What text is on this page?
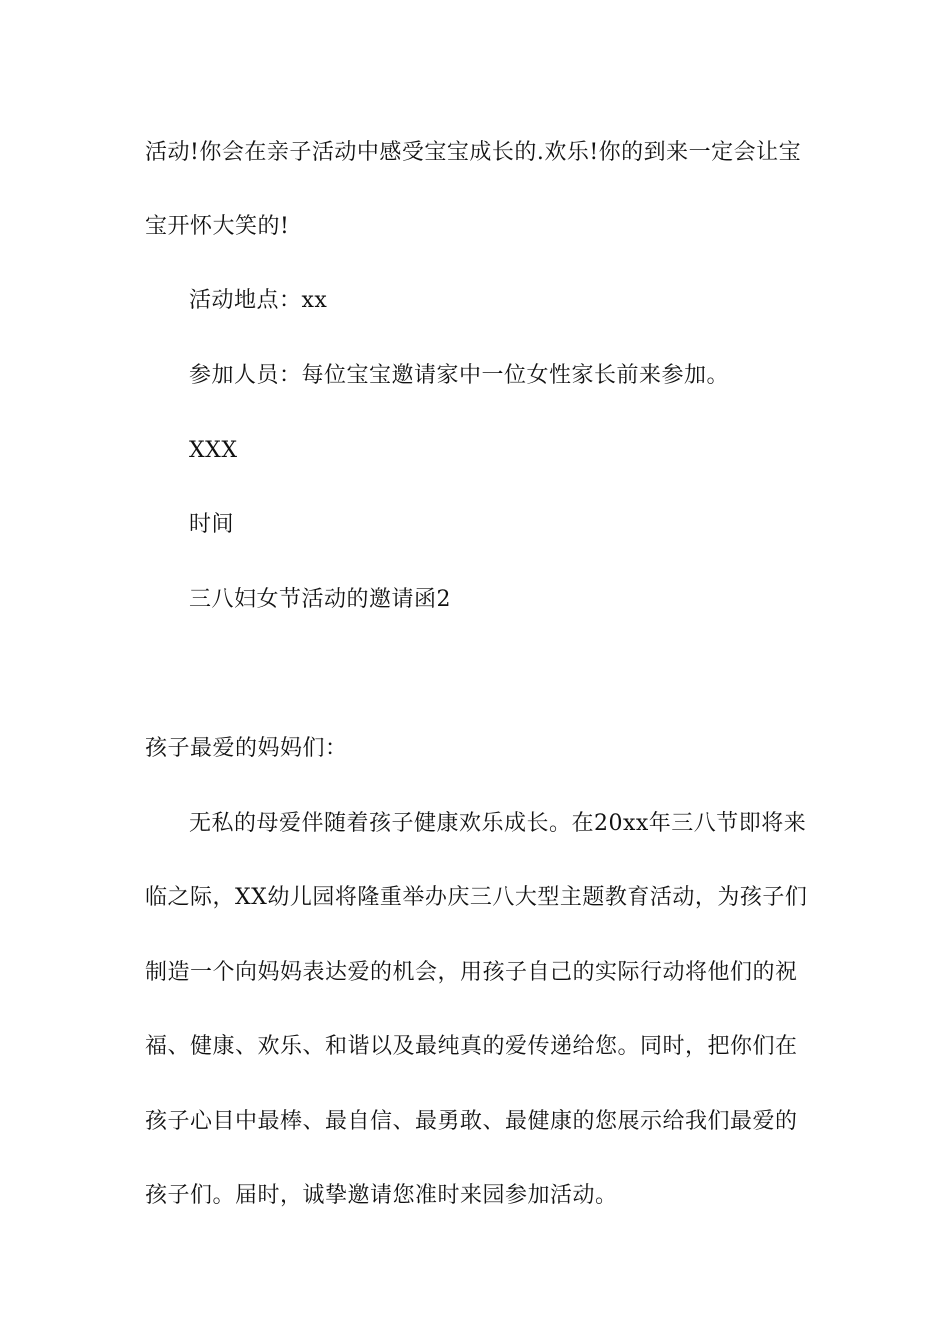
活动!你会在亲子活动中感受宝宝成长的.欢乐!你的到来一定会让宝
宝开怀大笑的!
活动地点：xx
参加人员：每位宝宝邀请家中一位女性家长前来参加。
XXX
时间
三八妇女节活动的邀请函2
孩子最爱的妈妈们：
无私的母爱伴随着孩子健康欢乐成长。在20xx年三八节即将来
临之际，XX幼儿园将隆重举办庆三八大型主题教育活动，为孩子们
制造一个向妈妈表达爱的机会，用孩子自己的实际行动将他们的祝
福、健康、欢乐、和谐以及最纯真的爱传递给您。同时，把你们在
孩子心目中最棒、最自信、最勇敢、最健康的您展示给我们最爱的
孩子们。届时，诚挚邀请您准时来园参加活动。
